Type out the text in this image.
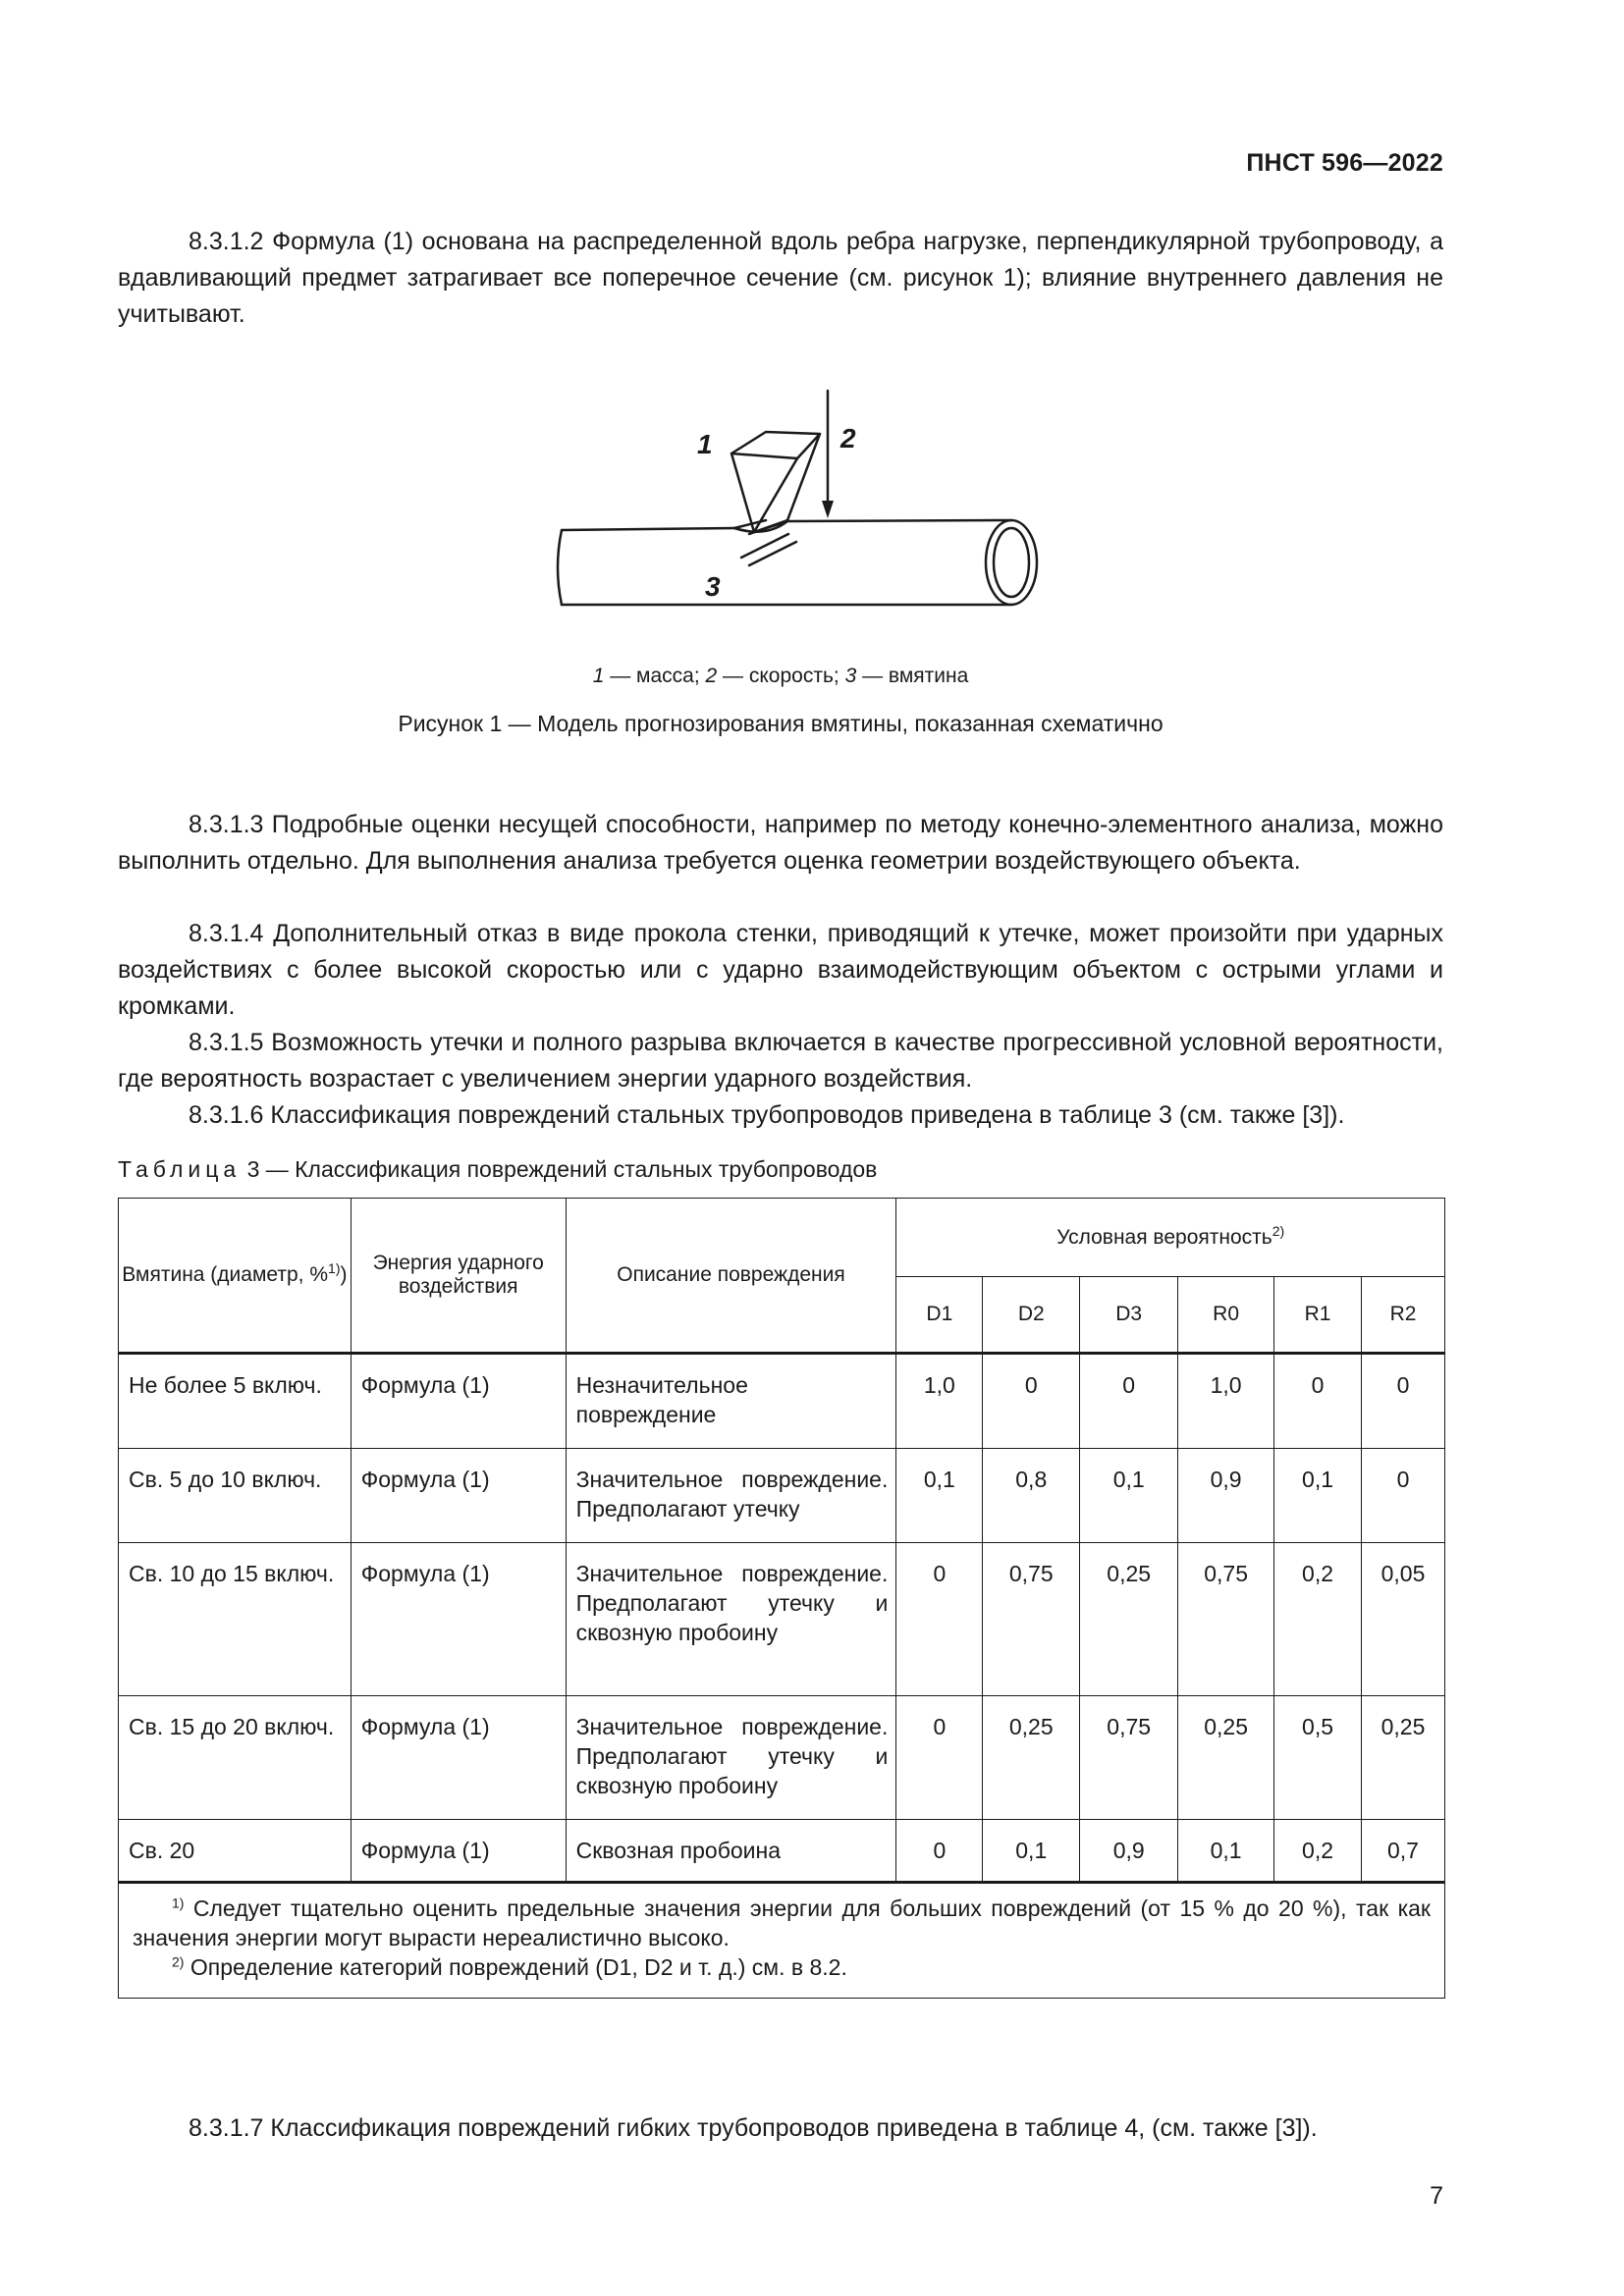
ПНСТ 596—2022

8.3.1.2 Формула (1) основана на распределенной вдоль ребра нагрузке, перпендикулярной трубопроводу, а вдавливающий предмет затрагивает все поперечное сечение (см. рисунок 1); влияние внутреннего давления не учитывают.

1	2
3
1 — масса; 2 — скорость; 3 — вмятина
Рисунок 1 — Модель прогнозирования вмятины, показанная схематично

8.3.1.3 Подробные оценки несущей способности, например по методу конечно-элементного анализа, можно выполнить отдельно. Для выполнения анализа требуется оценка геометрии воздействующего объекта.

8.3.1.4 Дополнительный отказ в виде прокола стенки, приводящий к утечке, может произойти при ударных воздействиях с более высокой скоростью или с ударно взаимодействующим объектом с острыми углами и кромками.

8.3.1.5 Возможность утечки и полного разрыва включается в качестве прогрессивной условной вероятности, где вероятность возрастает с увеличением энергии ударного воздействия.

8.3.1.6 Классификация повреждений стальных трубопроводов приведена в таблице 3 (см. также [3]).

Таблица 3 — Классификация повреждений стальных трубопроводов
Вмятина (диаметр, %$^{1)}$)	Энергия ударного воздействия	Описание повреждения	Условная вероятность$^{2)}$
			D1	D2	D3	R0	R1	R2
Не более 5 включ.	Формула (1)	Незначительное повреждение	1,0	0	0	1,0	0	0
Св. 5 до 10 включ.	Формула (1)	Значительное повреждение. Предполагают утечку	0,1	0,8	0,1	0,9	0,1	0
Св. 10 до 15 включ.	Формула (1)	Значительное повреждение. Предполагают утечку и сквозную пробоину	0	0,75	0,25	0,75	0,2	0,05
Св. 15 до 20 включ.	Формула (1)	Значительное повреждение. Предполагают утечку и сквозную пробоину	0	0,25	0,75	0,25	0,5	0,25
Св. 20	Формула (1)	Сквозная пробоина	0	0,1	0,9	0,1	0,2	0,7

$^{1)}$ Следует тщательно оценить предельные значения энергии для больших повреждений (от 15 % до 20 %), так как значения энергии могут вырасти нереалистично высоко.
$^{2)}$ Определение категорий повреждений (D1, D2 и т. д.) см. в 8.2.								

8.3.1.7 Классификация повреждений гибких трубопроводов приведена в таблице 4, (см. также [3]).

7
